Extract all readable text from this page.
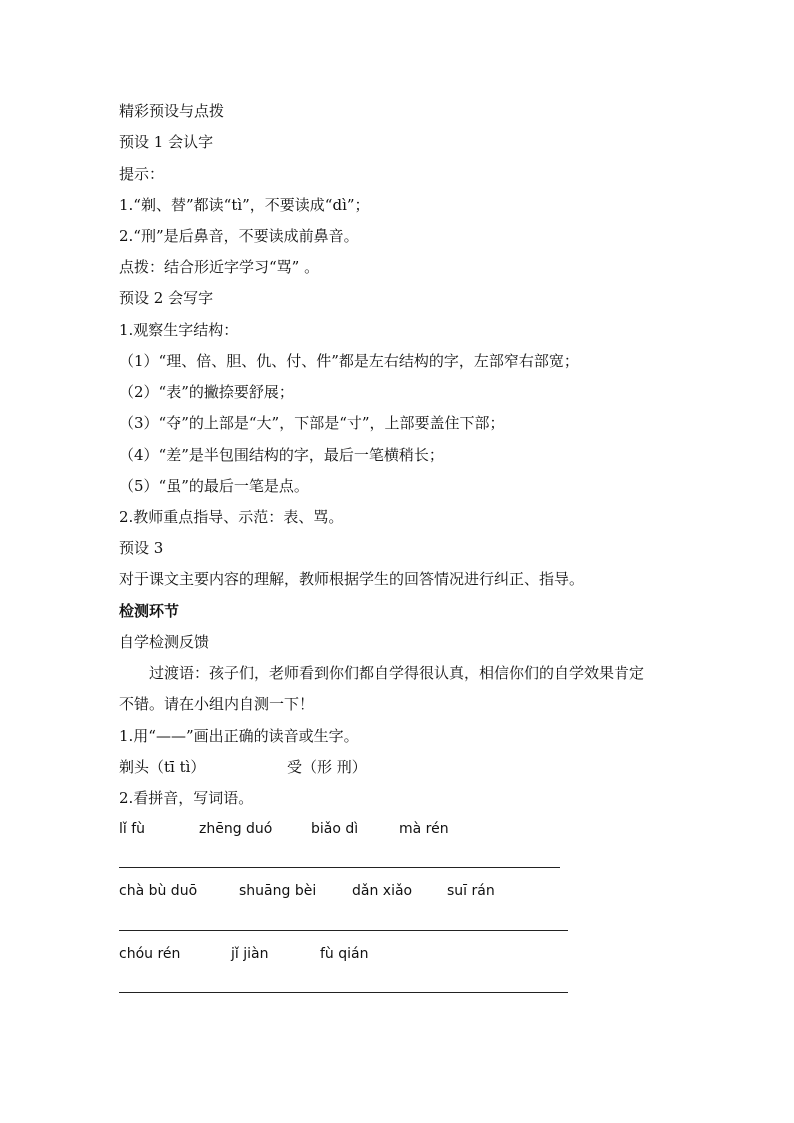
精彩预设与点拨
预设 1 会认字
提示：
1.“剃、替”都读“tì”，不要读成“dì”；
2.“刑”是后鼻音，不要读成前鼻音。
点拨：结合形近字学习“骂” 。
预设 2 会写字
1.观察生字结构：
（1）“理、倍、胆、仇、付、件”都是左右结构的字，左部窄右部宽；
（2）“表”的撇捺要舒展；
（3）“夺”的上部是“大”，下部是“寸”，上部要盖住下部；
（4）“差”是半包围结构的字，最后一笔横稍长；
（5）“虽”的最后一笔是点。
2.教师重点指导、示范：表、骂。
预设 3
对于课文主要内容的理解，教师根据学生的回答情况进行纠正、指导。
检测环节
自学检测反馈
过渡语：孩子们，老师看到你们都自学得很认真，相信你们的自学效果肯定
不错。请在小组内自测一下！
1.用“——”画出正确的读音或生字。
剃头（tī tì）	受（形 刑）
2.看拼音，写词语。
lǐ fù	zhēng duó	biǎo dì	mà rén
chà bù duō	shuāng bèi	dǎn xiǎo suī rán
chóu rén	jǐ jiàn	fù qián
